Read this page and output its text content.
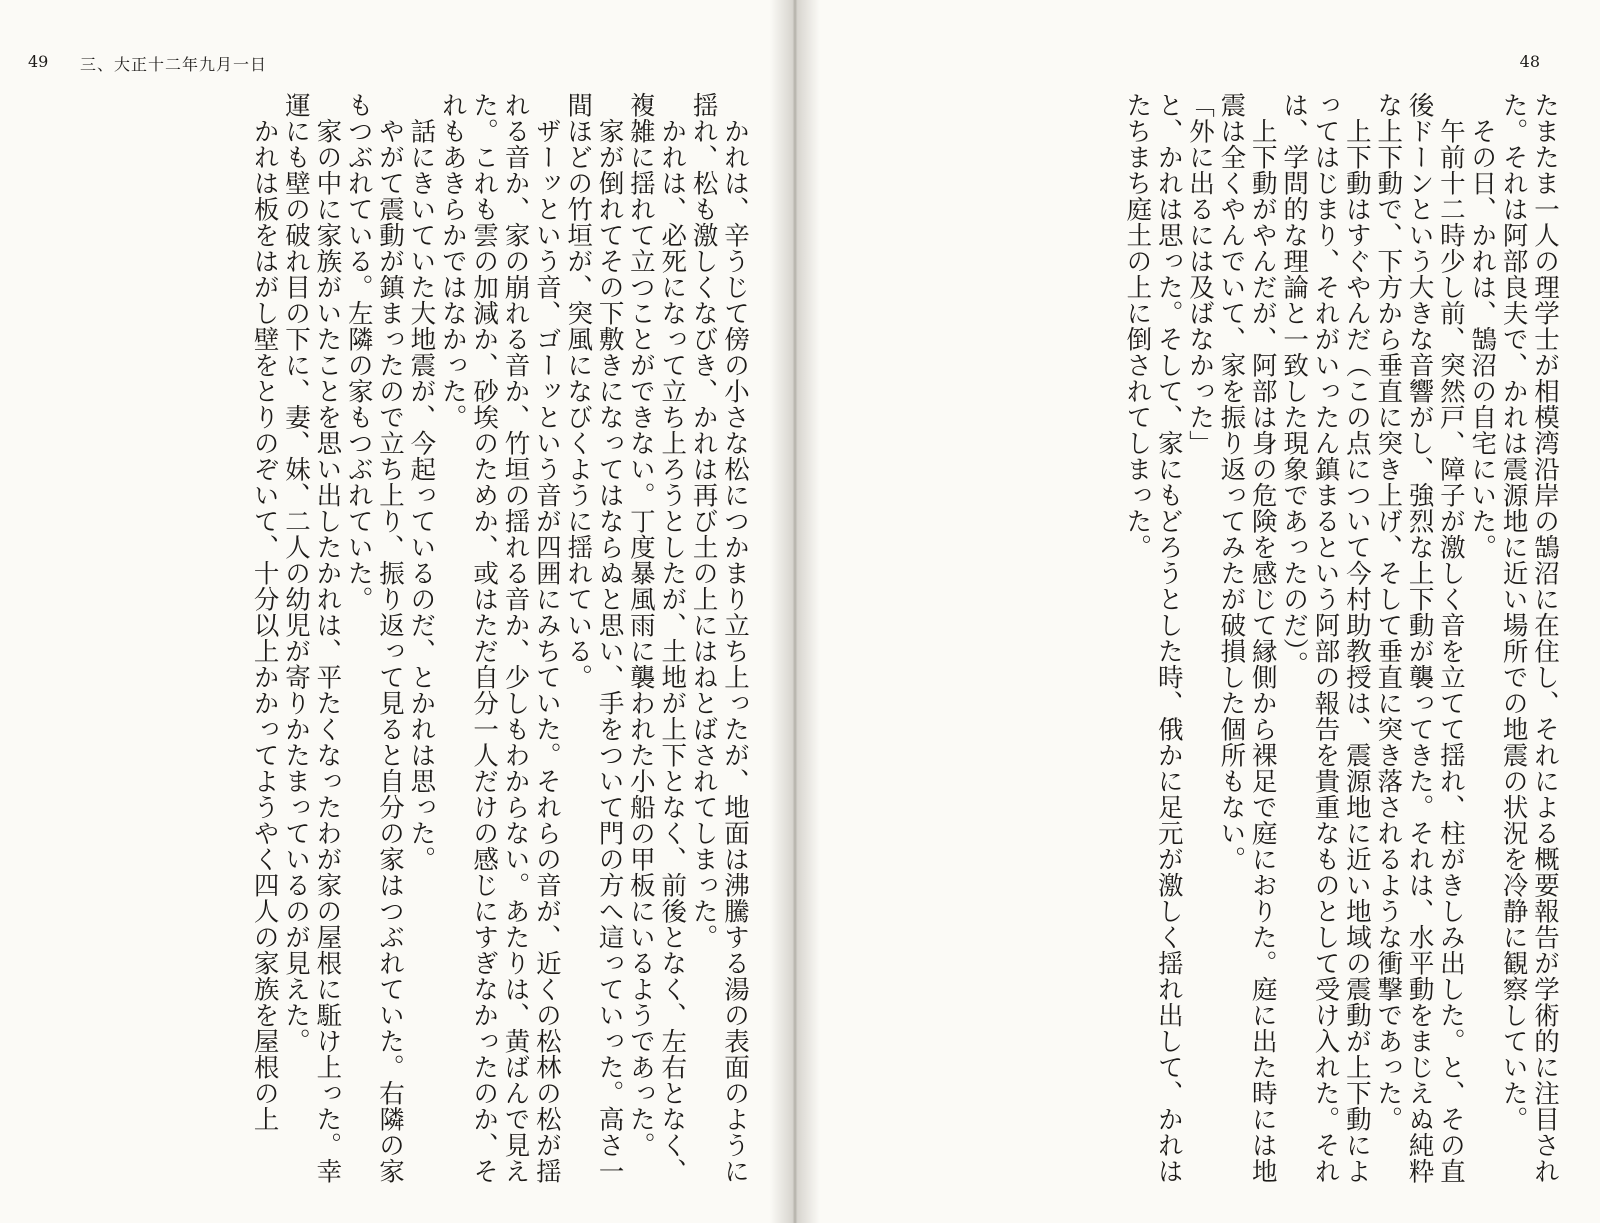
49 三、大正十二年九月一日

かれは、辛うじて傍の小さな松につかまり立ち上ったが、地面は沸騰する湯の表面のように揺れ、松も激しくなびき、かれは再び土の上にはねとばされてしまった。

かれは、必死になって立ち上ろうとしたが、土地が上下となく、前後となく、左右となく、複雑に揺れて立つことができない。丁度暴風雨に襲われた小船の甲板にいるようであった。

家が倒れてその下敷きになってはならぬと思い、手をついて門の方へ這っていった。高さ一間ほどの竹垣が、突風になびくように揺れている。

ザーッという音、ゴーッという音が四囲にみちていた。それらの音が、近くの松林の松が揺れる音か、家の崩れる音か、竹垣の揺れる音か、少しもわからない。あたりは、黄ばんで見えた。これも雲の加減か、砂埃のためか、或はただ自分一人だけの感じにすぎなかったのか、それもあきらかではなかった。

話にきいていた大地震が、今起っているのだ、とかれは思った。

やがて震動が鎮まったので立ち上り、振り返って見ると自分の家はつぶれていた。右隣の家もつぶれている。左隣の家もつぶれていた。

家の中に家族がいたことを思い出したかれは、平たくなったわが家の屋根に駈け上った。幸運にも壁の破れ目の下に、妻、妹、二人の幼児が寄りかたまっているのが見えた。

かれは板をはがし壁をとりのぞいて、十分以上かかってようやく四人の家族を屋根の上

48

たまたま一人の理学士が相模湾沿岸の鵠沼に在住し、それによる概要報告が学術的に注目された。それは阿部良夫で、かれは震源地に近い場所での地震の状況を冷静に観察していた。

その日、かれは、鵠沼の自宅にいた。

午前十二時少し前、突然戸、障子が激しく音を立てて揺れ、柱がきしみ出した。と、その直後ドーンという大きな音響がし、強烈な上下動が襲ってきた。それは、水平動をまじえぬ純粋な上下動で、下方から垂直に突き上げ、そして垂直に突き落されるような衝撃であった。

上下動はすぐやんだ（この点について今村助教授は、震源地に近い地域の震動が上下動によってはじまり、それがいったん鎮まるという阿部の報告を貴重なものとして受け入れた。それは、学問的な理論と一致した現象であったのだ）。

上下動がやんだが、阿部は身の危険を感じて縁側から裸足で庭におりた。庭に出た時には地震は全くやんでいて、家を振り返ってみたが破損した個所もない。

「外に出るには及ばなかった」

と、かれは思った。そして、家にもどろうとした時、俄かに足元が激しく揺れ出して、かれはたちまち庭土の上に倒されてしまった。
